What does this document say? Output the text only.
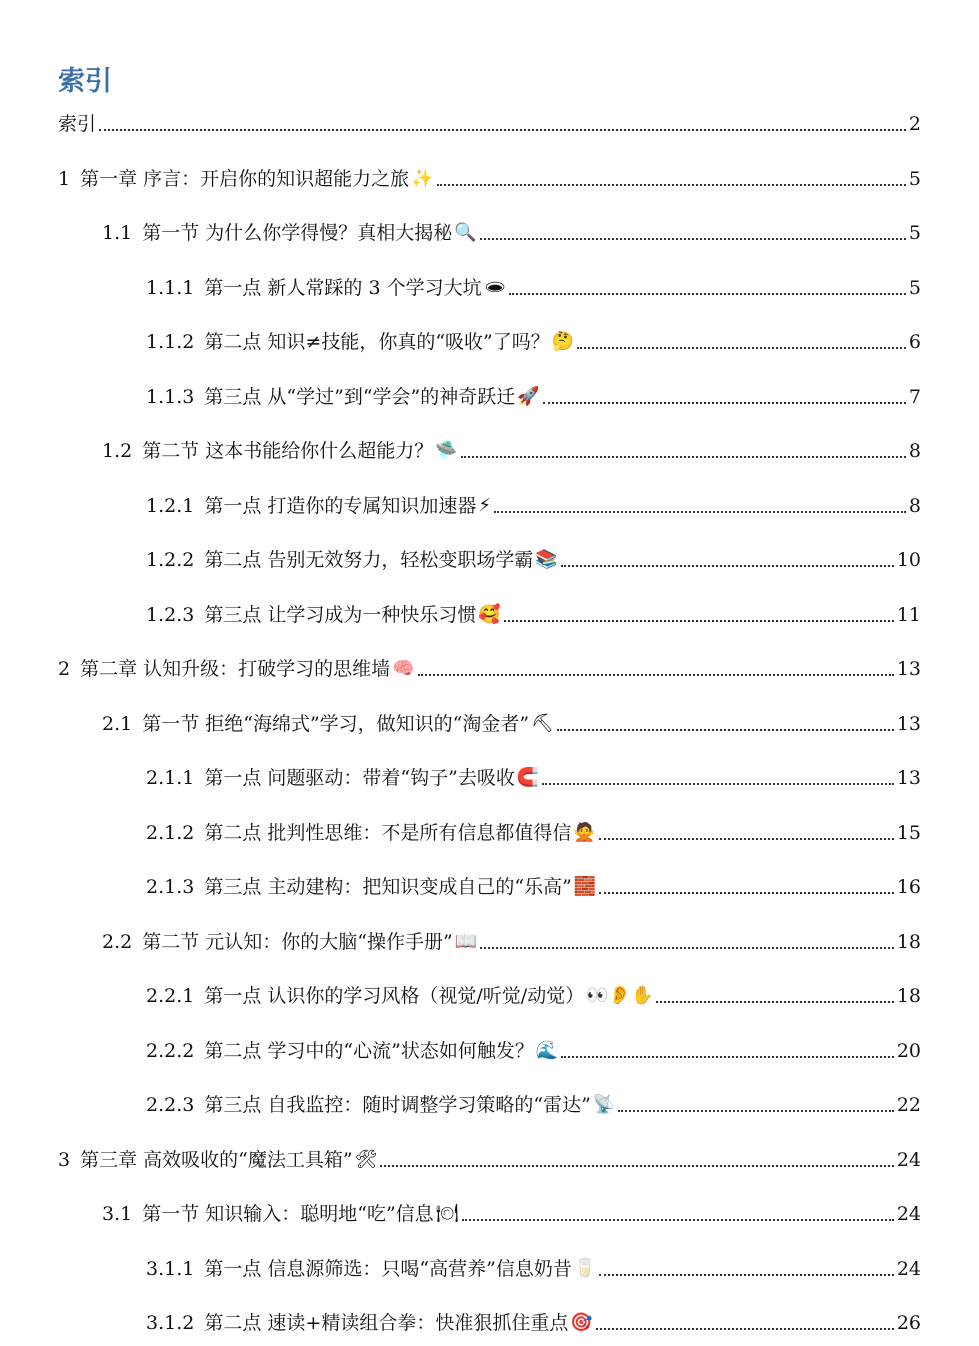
索引
索引	2
1 第一章 序言：开启你的知识超能力之旅 ✨	5
1.1 第一节 为什么你学得慢？真相大揭秘 🔍	5
1.1.1 第一点 新人常踩的 3 个学习大坑 🕳	5
1.1.2 第二点 知识≠技能，你真的“吸收”了吗？ 🤔	6
1.1.3 第三点 从“学过”到“学会”的神奇跃迁 🚀	7
1.2 第二节 这本书能给你什么超能力？ 🛸	8
1.2.1 第一点 打造你的专属知识加速器 ⚡	8
1.2.2 第二点 告别无效努力，轻松变职场学霸 📚	10
1.2.3 第三点 让学习成为一种快乐习惯 🥰	11
2 第二章 认知升级：打破学习的思维墙 🧠	13
2.1 第一节 拒绝“海绵式”学习，做知识的“淘金者” ⛏	13
2.1.1 第一点 问题驱动：带着“钩子”去吸收 🧲	13
2.1.2 第二点 批判性思维：不是所有信息都值得信 🙅	15
2.1.3 第三点 主动建构：把知识变成自己的“乐高” 🧱	16
2.2 第二节 元认知：你的大脑“操作手册” 📖	18
2.2.1 第一点 认识你的学习风格（视觉/听觉/动觉） 👀👂✋	18
2.2.2 第二点 学习中的“心流”状态如何触发？ 🌊	20
2.2.3 第三点 自我监控：随时调整学习策略的“雷达” 📡	22
3 第三章 高效吸收的“魔法工具箱” 🛠	24
3.1 第一节 知识输入：聪明地“吃”信息 🍽	24
3.1.1 第一点 信息源筛选：只喝“高营养”信息奶昔 🥛	24
3.1.2 第二点 速读+精读组合拳：快准狠抓住重点 🎯	26
